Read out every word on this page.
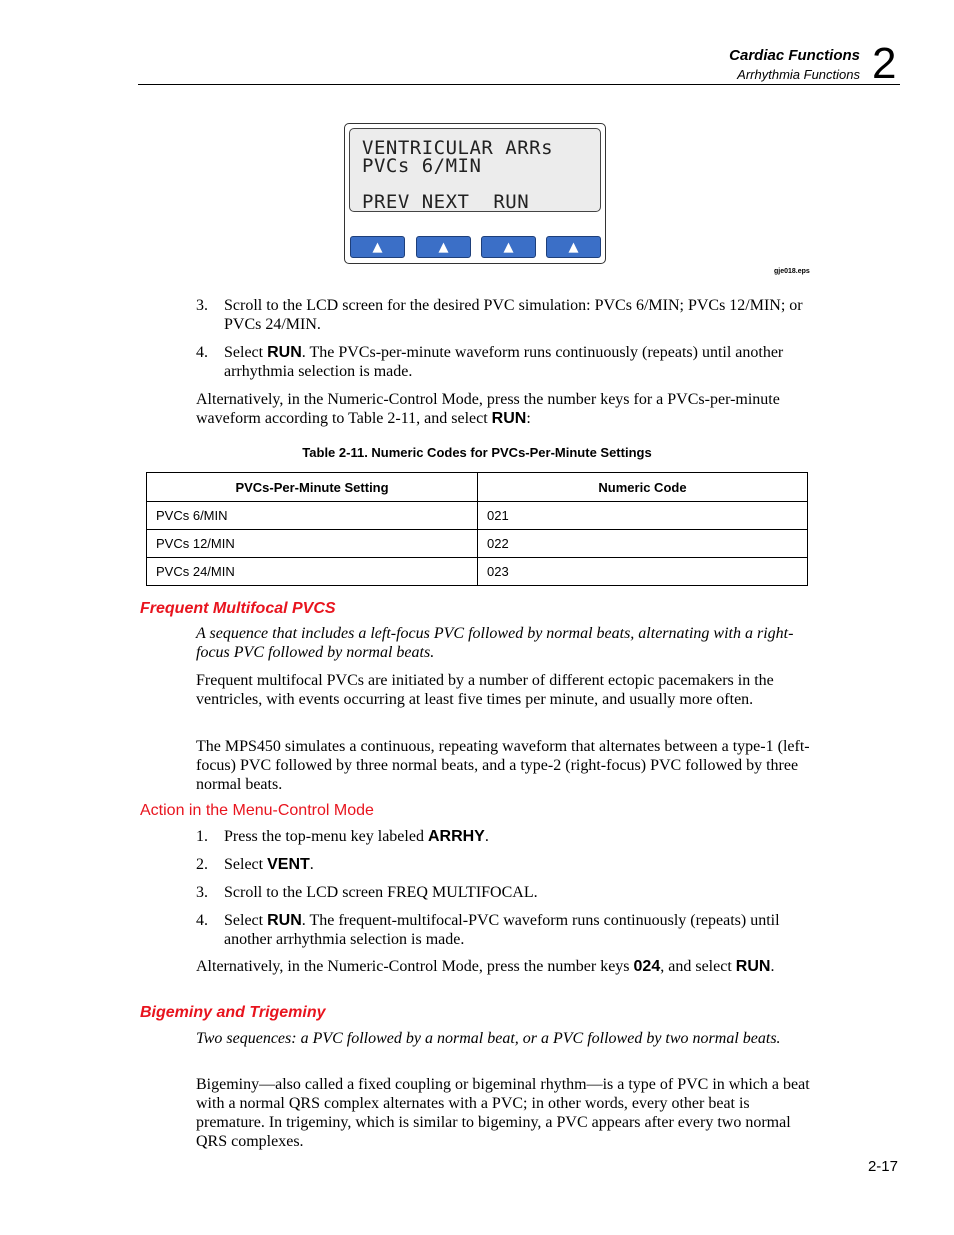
Cardiac Functions
Arrhythmia Functions 2
VENTRICULAR ARRs
PVCs 6/MIN
PREV NEXT  RUN
▲	▲	▲	▲
gje018.eps
3. Scroll to the LCD screen for the desired PVC simulation: PVCs 6/MIN; PVCs 12/MIN; or PVCs 24/MIN.
4. Select RUN. The PVCs-per-minute waveform runs continuously (repeats) until another arrhythmia selection is made.
Alternatively, in the Numeric-Control Mode, press the number keys for a PVCs-per-minute waveform according to Table 2-11, and select RUN:
Table 2-11. Numeric Codes for PVCs-Per-Minute Settings
PVCs-Per-Minute Setting	Numeric Code
PVCs 6/MIN	021
PVCs 12/MIN	022
PVCs 24/MIN	023
Frequent Multifocal PVCS
A sequence that includes a left-focus PVC followed by normal beats, alternating with a right-focus PVC followed by normal beats.
Frequent multifocal PVCs are initiated by a number of different ectopic pacemakers in the ventricles, with events occurring at least five times per minute, and usually more often.
The MPS450 simulates a continuous, repeating waveform that alternates between a type-1 (left-focus) PVC followed by three normal beats, and a type-2 (right-focus) PVC followed by three normal beats.
Action in the Menu-Control Mode
1. Press the top-menu key labeled ARRHY.
2. Select VENT.
3. Scroll to the LCD screen FREQ MULTIFOCAL.
4. Select RUN. The frequent-multifocal-PVC waveform runs continuously (repeats) until another arrhythmia selection is made.
Alternatively, in the Numeric-Control Mode, press the number keys 024, and select RUN.
Bigeminy and Trigeminy
Two sequences: a PVC followed by a normal beat, or a PVC followed by two normal beats.
Bigeminy—also called a fixed coupling or bigeminal rhythm—is a type of PVC in which a beat with a normal QRS complex alternates with a PVC; in other words, every other beat is premature. In trigeminy, which is similar to bigeminy, a PVC appears after every two normal QRS complexes.
2-17
